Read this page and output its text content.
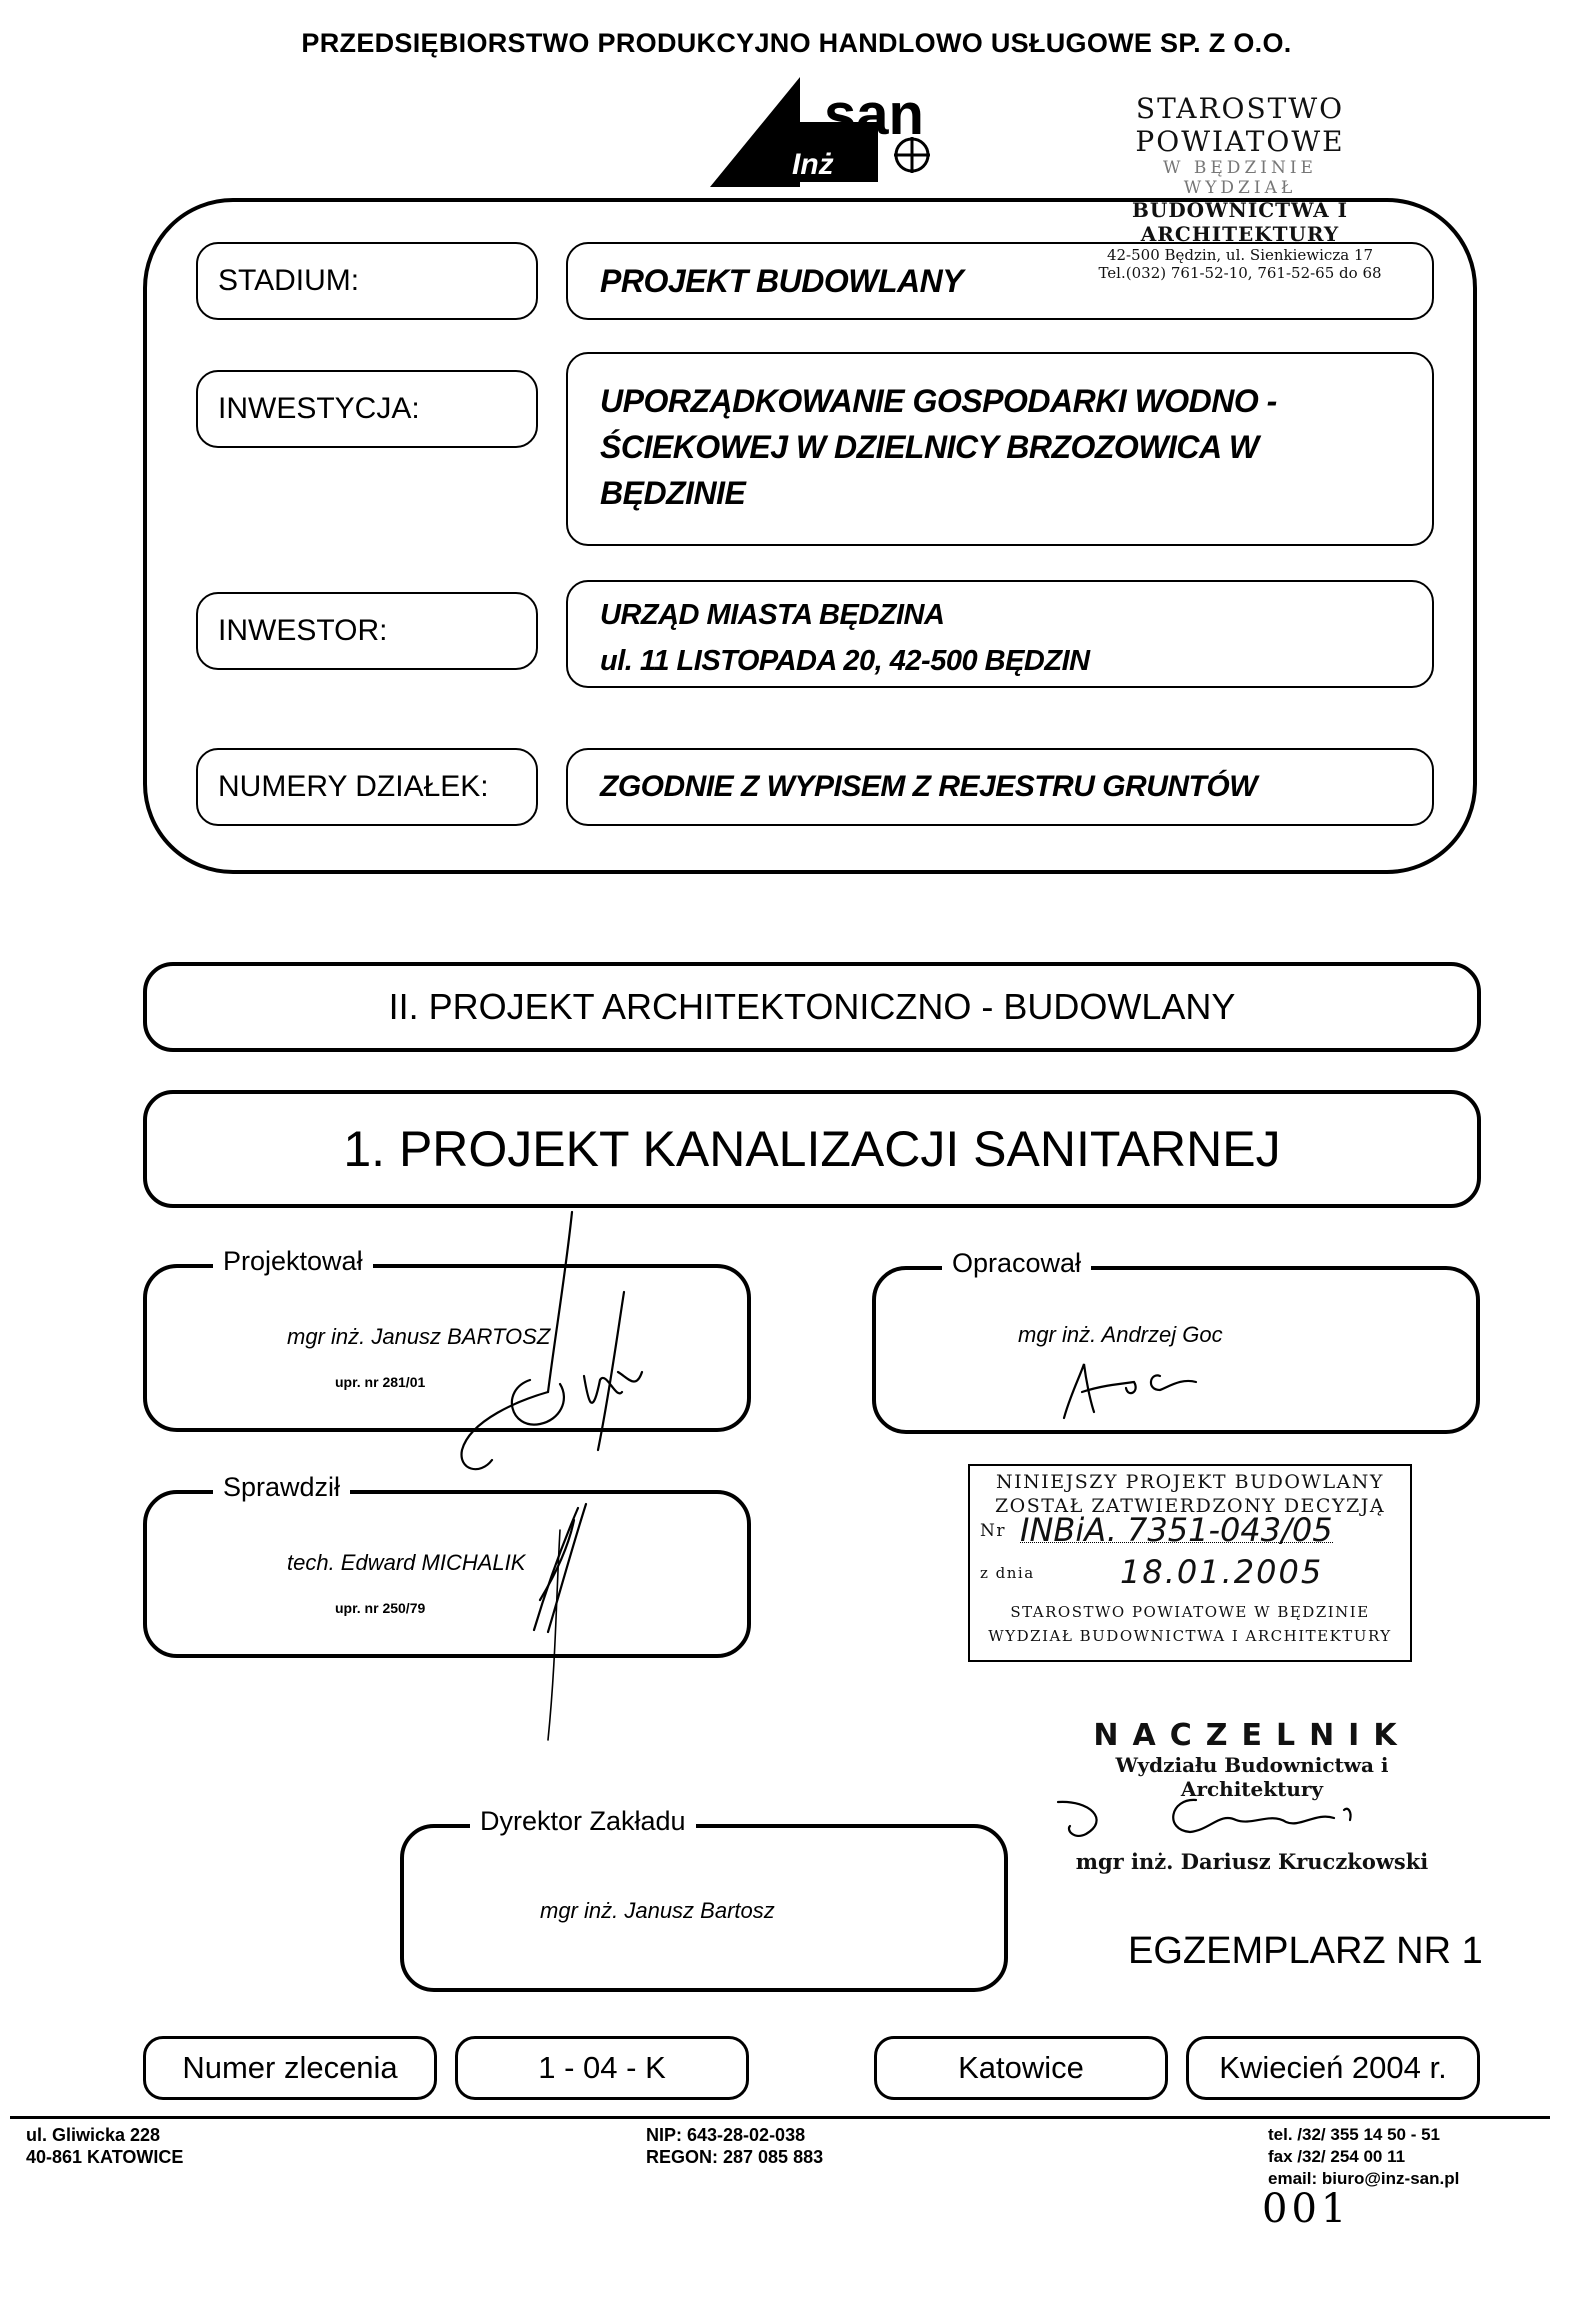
PRZEDSIĘBIORSTWO PRODUKCYJNO HANDLOWO USŁUGOWE SP. Z O.O.
san
Inż
STAROSTWO POWIATOWE
W BĘDZINIE
WYDZIAŁ
BUDOWNICTWA I ARCHITEKTURY
42-500 Będzin, ul. Sienkiewicza 17
Tel.(032) 761-52-10, 761-52-65 do 68
STADIUM:	PROJEKT BUDOWLANY
INWESTYCJA:	UPORZĄDKOWANIE GOSPODARKI WODNO -
ŚCIEKOWEJ W DZIELNICY BRZOZOWICA W
BĘDZINIE
INWESTOR:	URZĄD MIASTA BĘDZINA
ul. 11 LISTOPADA 20, 42-500 BĘDZIN
NUMERY DZIAŁEK:	ZGODNIE Z WYPISEM Z REJESTRU GRUNTÓW
II. PROJEKT ARCHITEKTONICZNO - BUDOWLANY
1. PROJEKT KANALIZACJI SANITARNEJ
Projektował
mgr inż. Janusz BARTOSZ
upr. nr 281/01
Opracował
mgr inż. Andrzej Goc
Sprawdził
tech. Edward MICHALIK
upr. nr 250/79
NINIEJSZY PROJEKT BUDOWLANY
ZOSTAŁ ZATWIERDZONY DECYZJĄ
Nr INBiA. 7351-043/05
z dnia	18.01.2005
STAROSTWO POWIATOWE W BĘDZINIE
WYDZIAŁ BUDOWNICTWA I ARCHITEKTURY
NACZELNIK
Wydziału Budownictwa i Architektury
mgr inż. Dariusz Kruczkowski
Dyrektor Zakładu
mgr inż. Janusz Bartosz
EGZEMPLARZ NR 1
Numer zlecenia	1 - 04 - K	Katowice	Kwiecień 2004 r.
ul. Gliwicka 228
40-861 KATOWICE
NIP: 643-28-02-038
REGON: 287 085 883
tel. /32/ 355 14 50 - 51
fax /32/ 254 00 11
email: biuro@inz-san.pl
001
